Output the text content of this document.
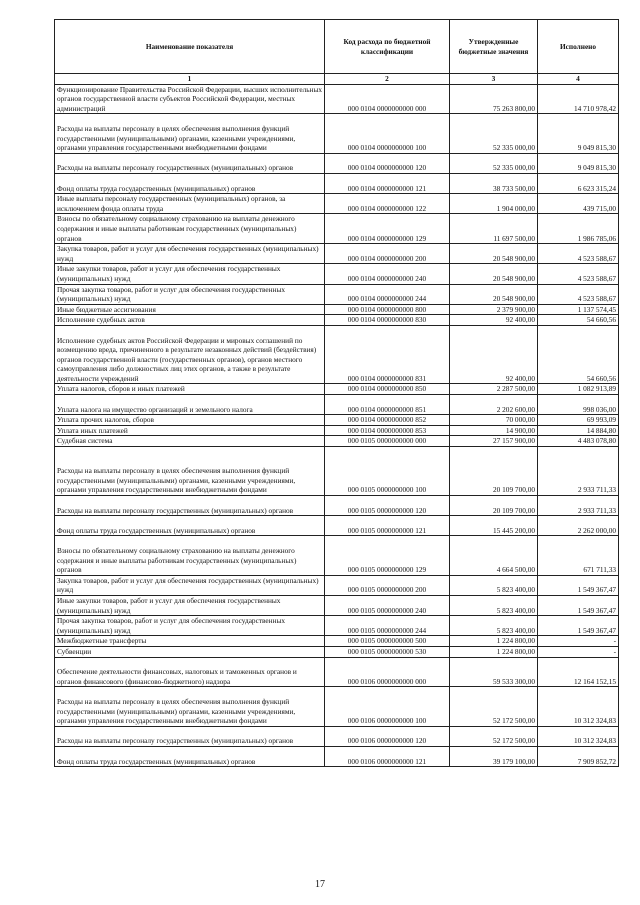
Наименование показателя	Код расхода по бюджетной классификации	Утвержденные бюджетные значения	Исполнено
1	2	3	4
Функционирование Правительства Российской Федерации, высших исполнительных органов государственной власти субъектов Российской Федерации, местных администраций	000 0104 0000000000 000	75 263 800,00	14 710 978,42
Расходы на выплаты персоналу в целях обеспечения выполнения функций государственными (муниципальными) органами, казенными учреждениями, органами управления государственными внебюджетными фондами	000 0104 0000000000 100	52 335 000,00	9 049 815,30
Расходы на выплаты персоналу государственных (муниципальных) органов	000 0104 0000000000 120	52 335 000,00	9 049 815,30
Фонд оплаты труда государственных (муниципальных) органов	000 0104 0000000000 121	38 733 500,00	6 623 315,24
Иные выплаты персоналу государственных (муниципальных) органов, за исключением фонда оплаты труда	000 0104 0000000000 122	1 904 000,00	439 715,00
Взносы по обязательному социальному страхованию на выплаты денежного содержания и иные выплаты работникам государственных (муниципальных) органов	000 0104 0000000000 129	11 697 500,00	1 986 785,06
Закупка товаров, работ и услуг для обеспечения государственных (муниципальных) нужд	000 0104 0000000000 200	20 548 900,00	4 523 588,67
Иные закупки товаров, работ и услуг для обеспечения государственных (муниципальных) нужд	000 0104 0000000000 240	20 548 900,00	4 523 588,67
Прочая закупка товаров, работ и услуг для обеспечения государственных (муниципальных) нужд	000 0104 0000000000 244	20 548 900,00	4 523 588,67
Иные бюджетные ассигнования	000 0104 0000000000 800	2 379 900,00	1 137 574,45
Исполнение судебных актов	000 0104 0000000000 830	92 400,00	54 660,56
Исполнение судебных актов Российской Федерации и мировых соглашений по возмещению вреда, причиненного в результате незаконных действий (бездействия) органов государственной власти (государственных органов), органов местного самоуправления либо должностных лиц этих органов, а также в результате деятельности учреждений	000 0104 0000000000 831	92 400,00	54 660,56
Уплата налогов, сборов и иных платежей	000 0104 0000000000 850	2 287 500,00	1 082 913,89
Уплата налога на имущество организаций и земельного налога	000 0104 0000000000 851	2 202 600,00	998 036,00
Уплата прочих налогов, сборов	000 0104 0000000000 852	70 000,00	69 993,09
Уплата иных платежей	000 0104 0000000000 853	14 900,00	14 884,80
Судебная система	000 0105 0000000000 000	27 157 900,00	4 483 078,80
Расходы на выплаты персоналу в целях обеспечения выполнения функций государственными (муниципальными) органами, казенными учреждениями, органами управления государственными внебюджетными фондами	000 0105 0000000000 100	20 109 700,00	2 933 711,33
Расходы на выплаты персоналу государственных (муниципальных) органов	000 0105 0000000000 120	20 109 700,00	2 933 711,33
Фонд оплаты труда государственных (муниципальных) органов	000 0105 0000000000 121	15 445 200,00	2 262 000,00
Взносы по обязательному социальному страхованию на выплаты денежного содержания и иные выплаты работникам государственных (муниципальных) органов	000 0105 0000000000 129	4 664 500,00	671 711,33
Закупка товаров, работ и услуг для обеспечения государственных (муниципальных) нужд	000 0105 0000000000 200	5 823 400,00	1 549 367,47
Иные закупки товаров, работ и услуг для обеспечения государственных (муниципальных) нужд	000 0105 0000000000 240	5 823 400,00	1 549 367,47
Прочая закупка товаров, работ и услуг для обеспечения государственных (муниципальных) нужд	000 0105 0000000000 244	5 823 400,00	1 549 367,47
Межбюджетные трансферты	000 0105 0000000000 500	1 224 800,00	-
Субвенции	000 0105 0000000000 530	1 224 800,00	-
Обеспечение деятельности финансовых, налоговых и таможенных органов и органов финансового (финансово-бюджетного) надзора	000 0106 0000000000 000	59 533 300,00	12 164 152,15
Расходы на выплаты персоналу в целях обеспечения выполнения функций государственными (муниципальными) органами, казенными учреждениями, органами управления государственными внебюджетными фондами	000 0106 0000000000 100	52 172 500,00	10 312 324,83
Расходы на выплаты персоналу государственных (муниципальных) органов	000 0106 0000000000 120	52 172 500,00	10 312 324,83
Фонд оплаты труда государственных (муниципальных) органов	000 0106 0000000000 121	39 179 100,00	7 909 852,72
17
